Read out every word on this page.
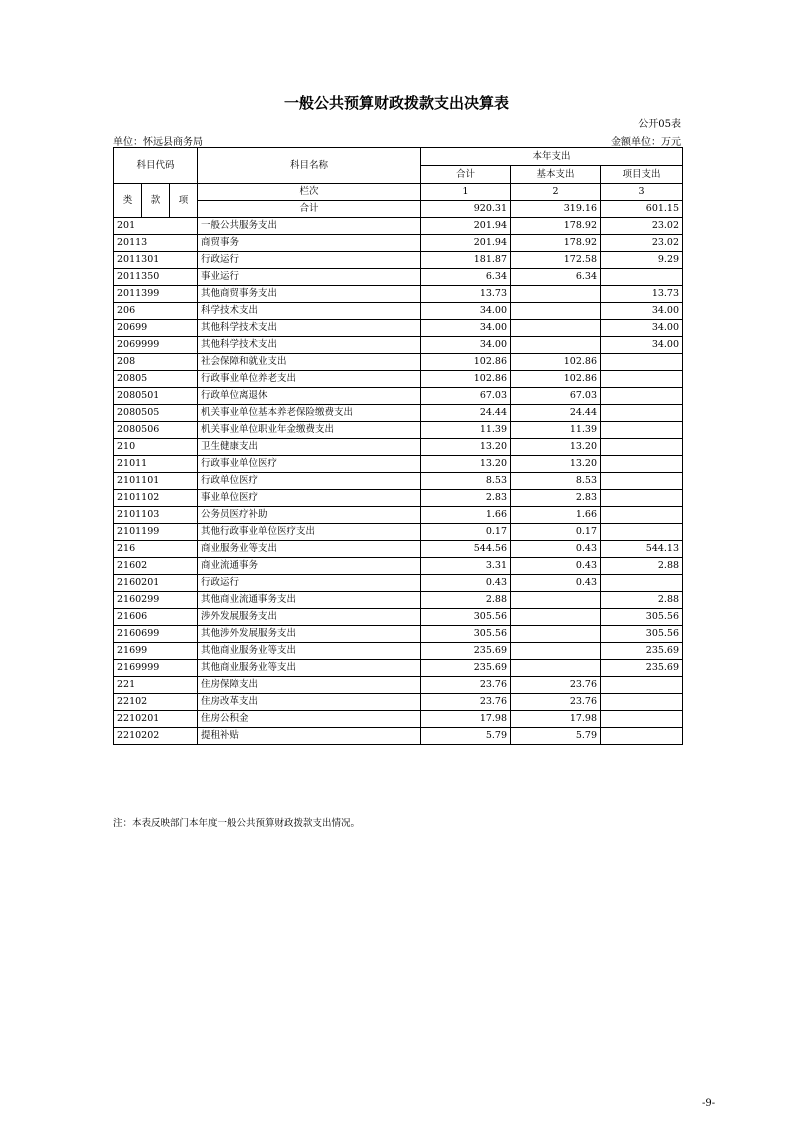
一般公共预算财政拨款支出决算表
公开05表
单位：怀远县商务局	金额单位：万元
科目代码			科目名称	本年支出		
				合计	基本支出	项目支出
类	款	项	栏次	1	2	3
			合计	920.31	319.16	601.15
201			一般公共服务支出	201.94	178.92	23.02
20113			商贸事务	201.94	178.92	23.02
2011301			行政运行	181.87	172.58	9.29
2011350			事业运行	6.34	6.34	
2011399			其他商贸事务支出	13.73		13.73
206			科学技术支出	34.00		34.00
20699			其他科学技术支出	34.00		34.00
2069999			其他科学技术支出	34.00		34.00
208			社会保障和就业支出	102.86	102.86	
20805			行政事业单位养老支出	102.86	102.86	
2080501			行政单位离退休	67.03	67.03	
2080505			机关事业单位基本养老保险缴费支出	24.44	24.44	
2080506			机关事业单位职业年金缴费支出	11.39	11.39	
210			卫生健康支出	13.20	13.20	
21011			行政事业单位医疗	13.20	13.20	
2101101			行政单位医疗	8.53	8.53	
2101102			事业单位医疗	2.83	2.83	
2101103			公务员医疗补助	1.66	1.66	
2101199			其他行政事业单位医疗支出	0.17	0.17	
216			商业服务业等支出	544.56	0.43	544.13
21602			商业流通事务	3.31	0.43	2.88
2160201			行政运行	0.43	0.43	
2160299			其他商业流通事务支出	2.88		2.88
21606			涉外发展服务支出	305.56		305.56
2160699			其他涉外发展服务支出	305.56		305.56
21699			其他商业服务业等支出	235.69		235.69
2169999			其他商业服务业等支出	235.69		235.69
221			住房保障支出	23.76	23.76	
22102			住房改革支出	23.76	23.76	
2210201			住房公积金	17.98	17.98	
2210202			提租补贴	5.79	5.79	
注：本表反映部门本年度一般公共预算财政拨款支出情况。
-9-
